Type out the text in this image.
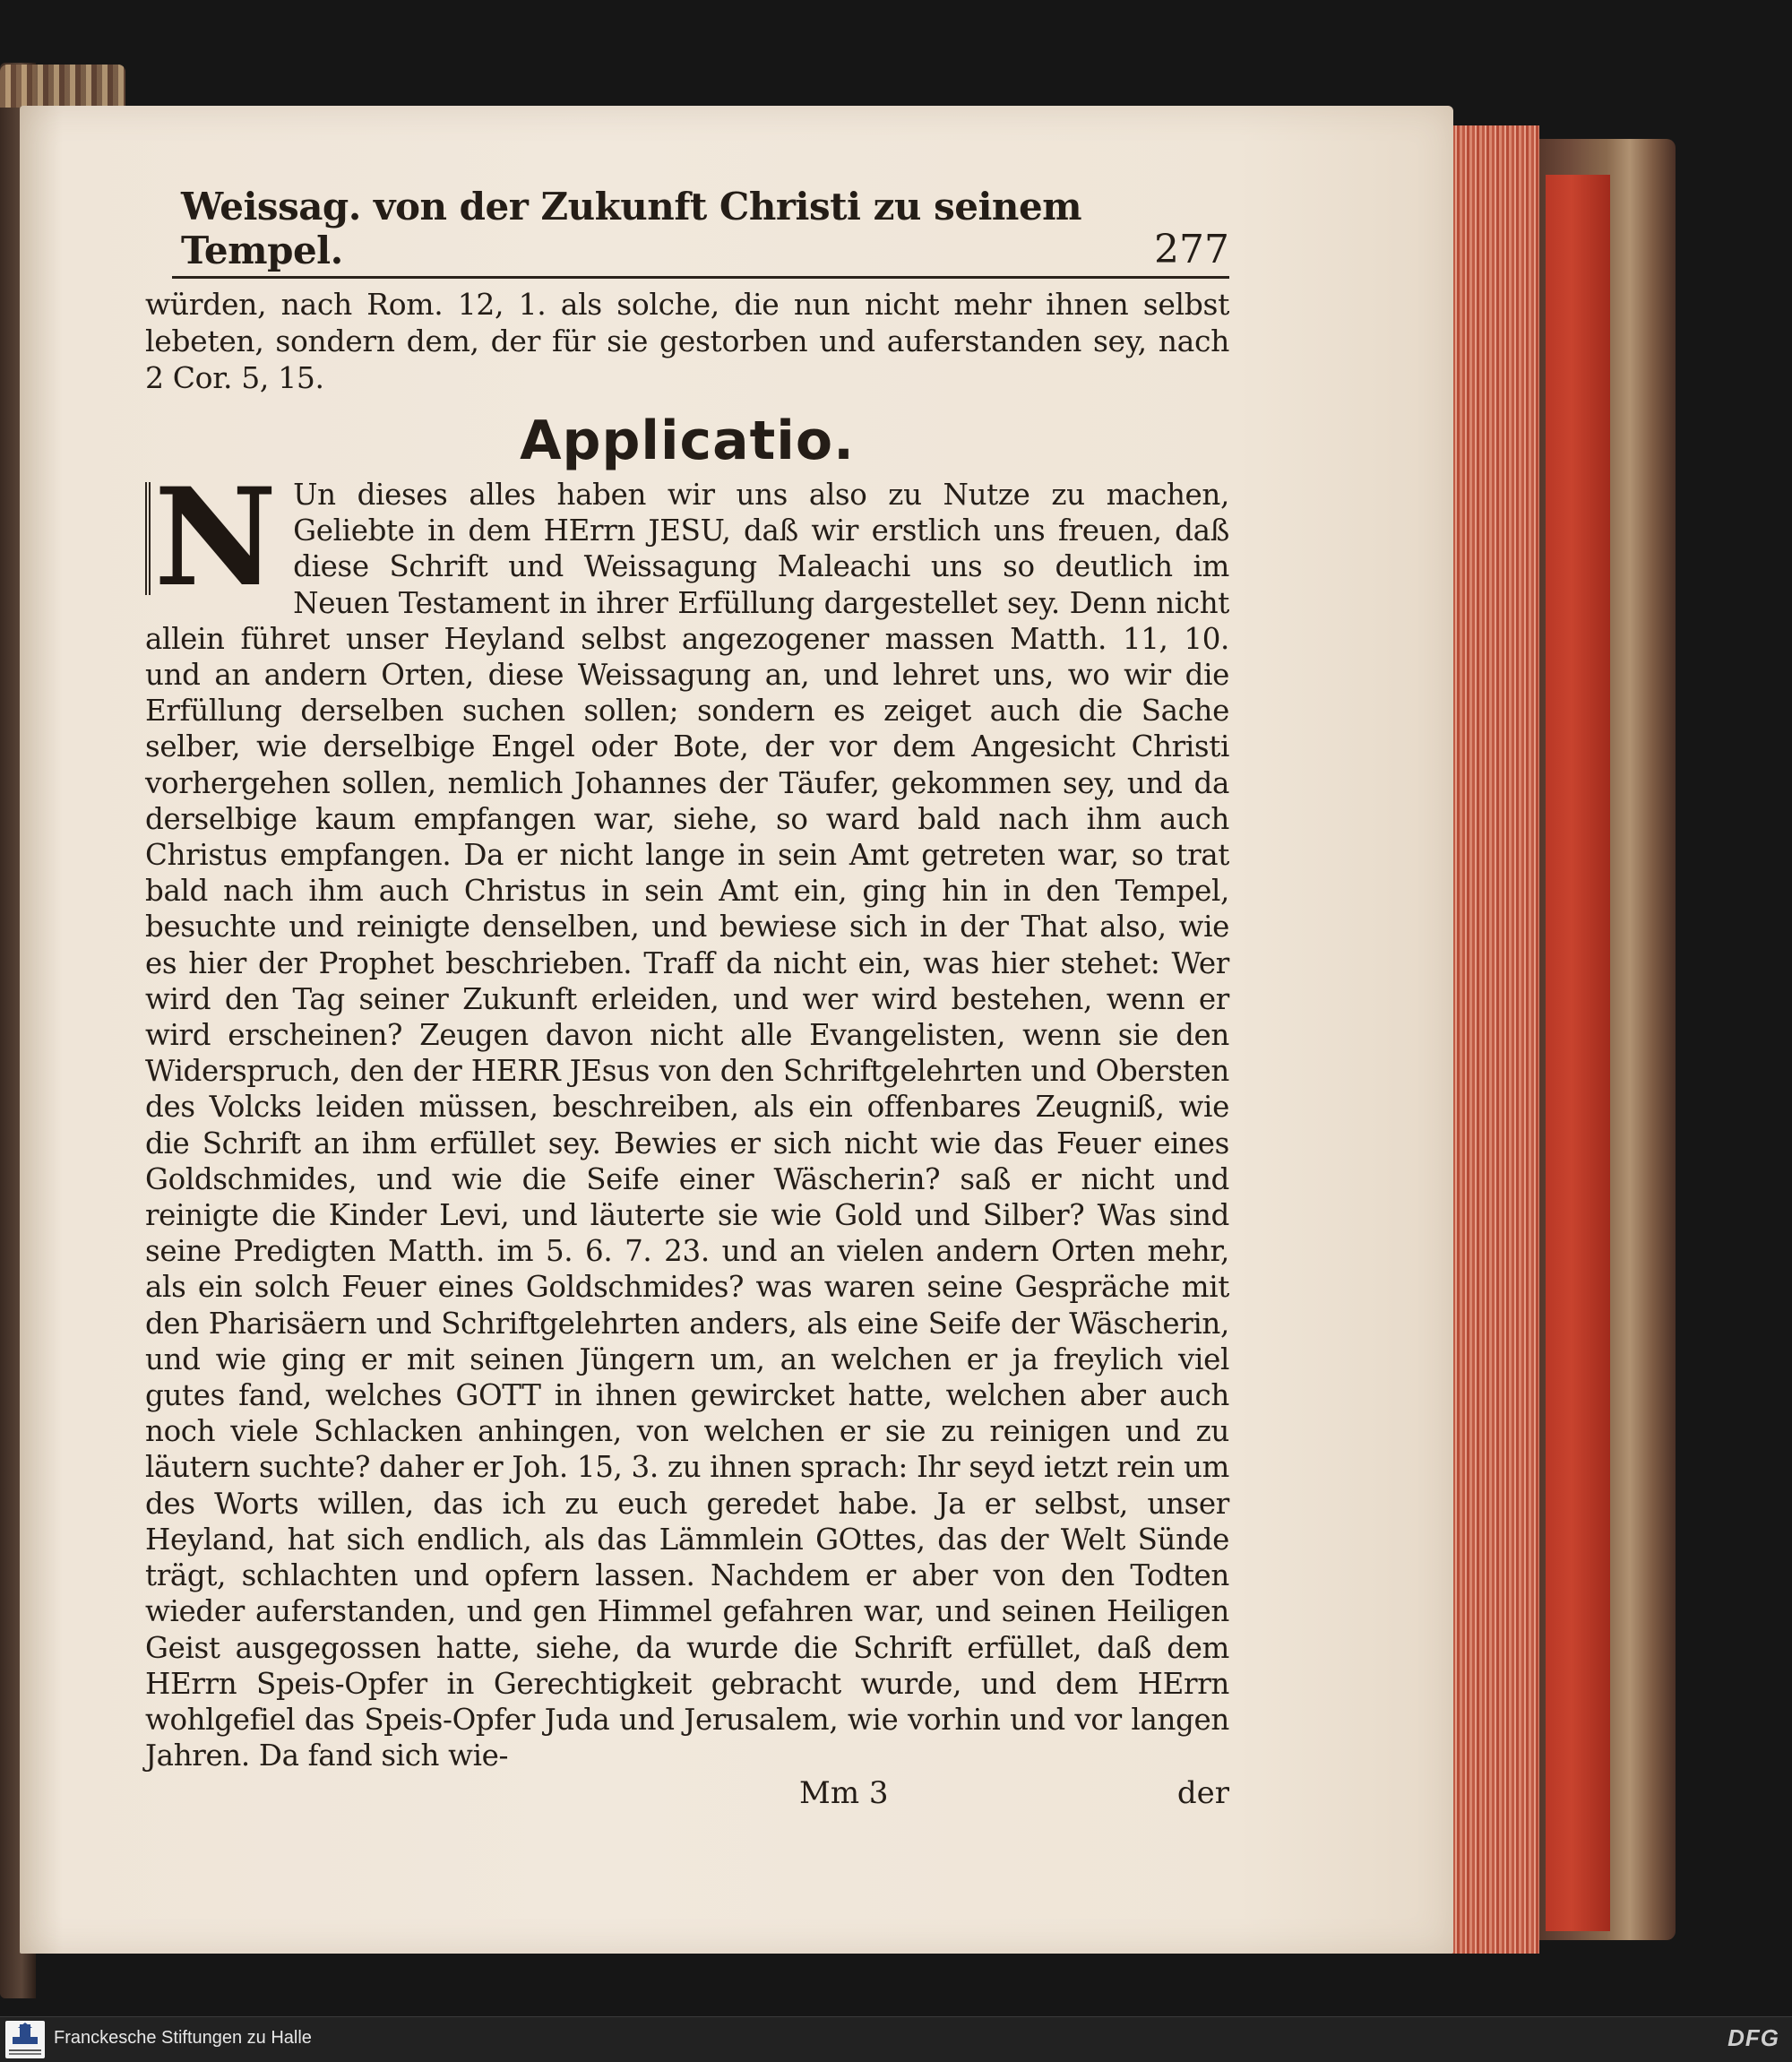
Weissag. von der Zukunft Christi zu seinem Tempel.	277

würden, nach Rom. 12, 1. als solche, die nun nicht mehr ihnen selbst lebeten, sondern dem, der für sie gestorben und auferstanden sey, nach 2 Cor. 5, 15.

Applicatio.
N Un dieses alles haben wir uns also zu Nutze zu machen, Geliebte in dem HErrn JESU, daß wir erstlich uns freuen, daß diese Schrift und Weissagung Maleachi uns so deutlich im Neuen Testament in ihrer Erfüllung dargestellet sey. Denn nicht allein führet unser Heyland selbst angezogener massen Matth. 11, 10. und an andern Orten, diese Weissagung an, und lehret uns, wo wir die Erfüllung derselben suchen sollen; sondern es zeiget auch die Sache selber, wie derselbige Engel oder Bote, der vor dem Angesicht Christi vorhergehen sollen, nemlich Johannes der Täufer, gekommen sey, und da derselbige kaum empfangen war, siehe, so ward bald nach ihm auch Christus empfangen. Da er nicht lange in sein Amt getreten war, so trat bald nach ihm auch Christus in sein Amt ein, ging hin in den Tempel, besuchte und reinigte denselben, und bewiese sich in der That also, wie es hier der Prophet beschrieben. Traff da nicht ein, was hier stehet: Wer wird den Tag seiner Zukunft erleiden, und wer wird bestehen, wenn er wird erscheinen? Zeugen davon nicht alle Evangelisten, wenn sie den Widerspruch, den der HERR JEsus von den Schriftgelehrten und Obersten des Volcks leiden müssen, beschreiben, als ein offenbares Zeugniß, wie die Schrift an ihm erfüllet sey. Bewies er sich nicht wie das Feuer eines Goldschmides, und wie die Seife einer Wäscherin? saß er nicht und reinigte die Kinder Levi, und läuterte sie wie Gold und Silber? Was sind seine Predigten Matth. im 5. 6. 7. 23. und an vielen andern Orten mehr, als ein solch Feuer eines Goldschmides? was waren seine Gespräche mit den Pharisäern und Schriftgelehrten anders, als eine Seife der Wäscherin, und wie ging er mit seinen Jüngern um, an welchen er ja freylich viel gutes fand, welches GOTT in ihnen gewircket hatte, welchen aber auch noch viele Schlacken anhingen, von welchen er sie zu reinigen und zu läutern suchte? daher er Joh. 15, 3. zu ihnen sprach: Ihr seyd ietzt rein um des Worts willen, das ich zu euch geredet habe. Ja er selbst, unser Heyland, hat sich endlich, als das Lämmlein GOttes, das der Welt Sünde trägt, schlachten und opfern lassen. Nachdem er aber von den Todten wieder auferstanden, und gen Himmel gefahren war, und seinen Heiligen Geist ausgegossen hatte, siehe, da wurde die Schrift erfüllet, daß dem HErrn Speis-Opfer in Gerechtigkeit gebracht wurde, und dem HErrn wohlgefiel das Speis-Opfer Juda und Jerusalem, wie vorhin und vor langen Jahren. Da fand sich wie-

Mm 3	der
Franckesche Stiftungen zu Halle	DFG
